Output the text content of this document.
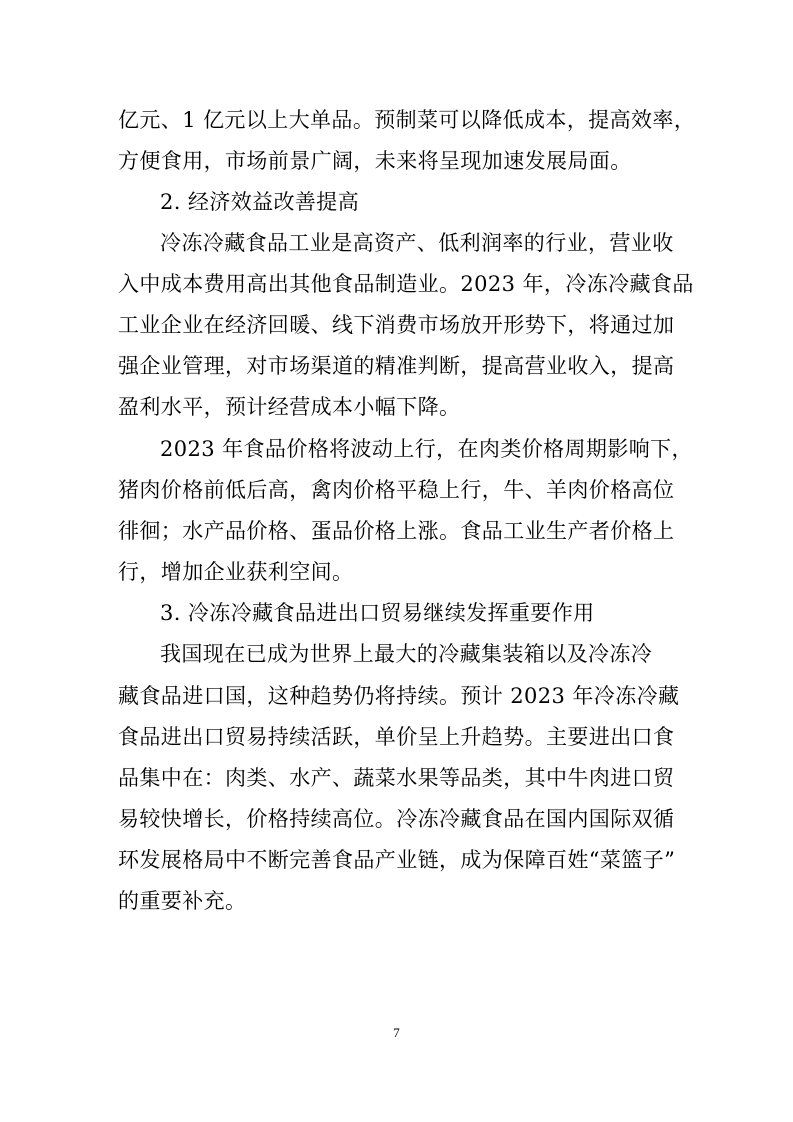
亿元、1 亿元以上大单品。预制菜可以降低成本，提高效率，
方便食用，市场前景广阔，未来将呈现加速发展局面。
2. 经济效益改善提高
冷冻冷藏食品工业是高资产、低利润率的行业，营业收
入中成本费用高出其他食品制造业。2023 年，冷冻冷藏食品
工业企业在经济回暖、线下消费市场放开形势下，将通过加
强企业管理，对市场渠道的精准判断，提高营业收入，提高
盈利水平，预计经营成本小幅下降。
2023 年食品价格将波动上行，在肉类价格周期影响下，
猪肉价格前低后高，禽肉价格平稳上行，牛、羊肉价格高位
徘徊；水产品价格、蛋品价格上涨。食品工业生产者价格上
行，增加企业获利空间。
3. 冷冻冷藏食品进出口贸易继续发挥重要作用
我国现在已成为世界上最大的冷藏集装箱以及冷冻冷
藏食品进口国，这种趋势仍将持续。预计 2023 年冷冻冷藏
食品进出口贸易持续活跃，单价呈上升趋势。主要进出口食
品集中在：肉类、水产、蔬菜水果等品类，其中牛肉进口贸
易较快增长，价格持续高位。冷冻冷藏食品在国内国际双循
环发展格局中不断完善食品产业链，成为保障百姓“菜篮子”
的重要补充。
7
